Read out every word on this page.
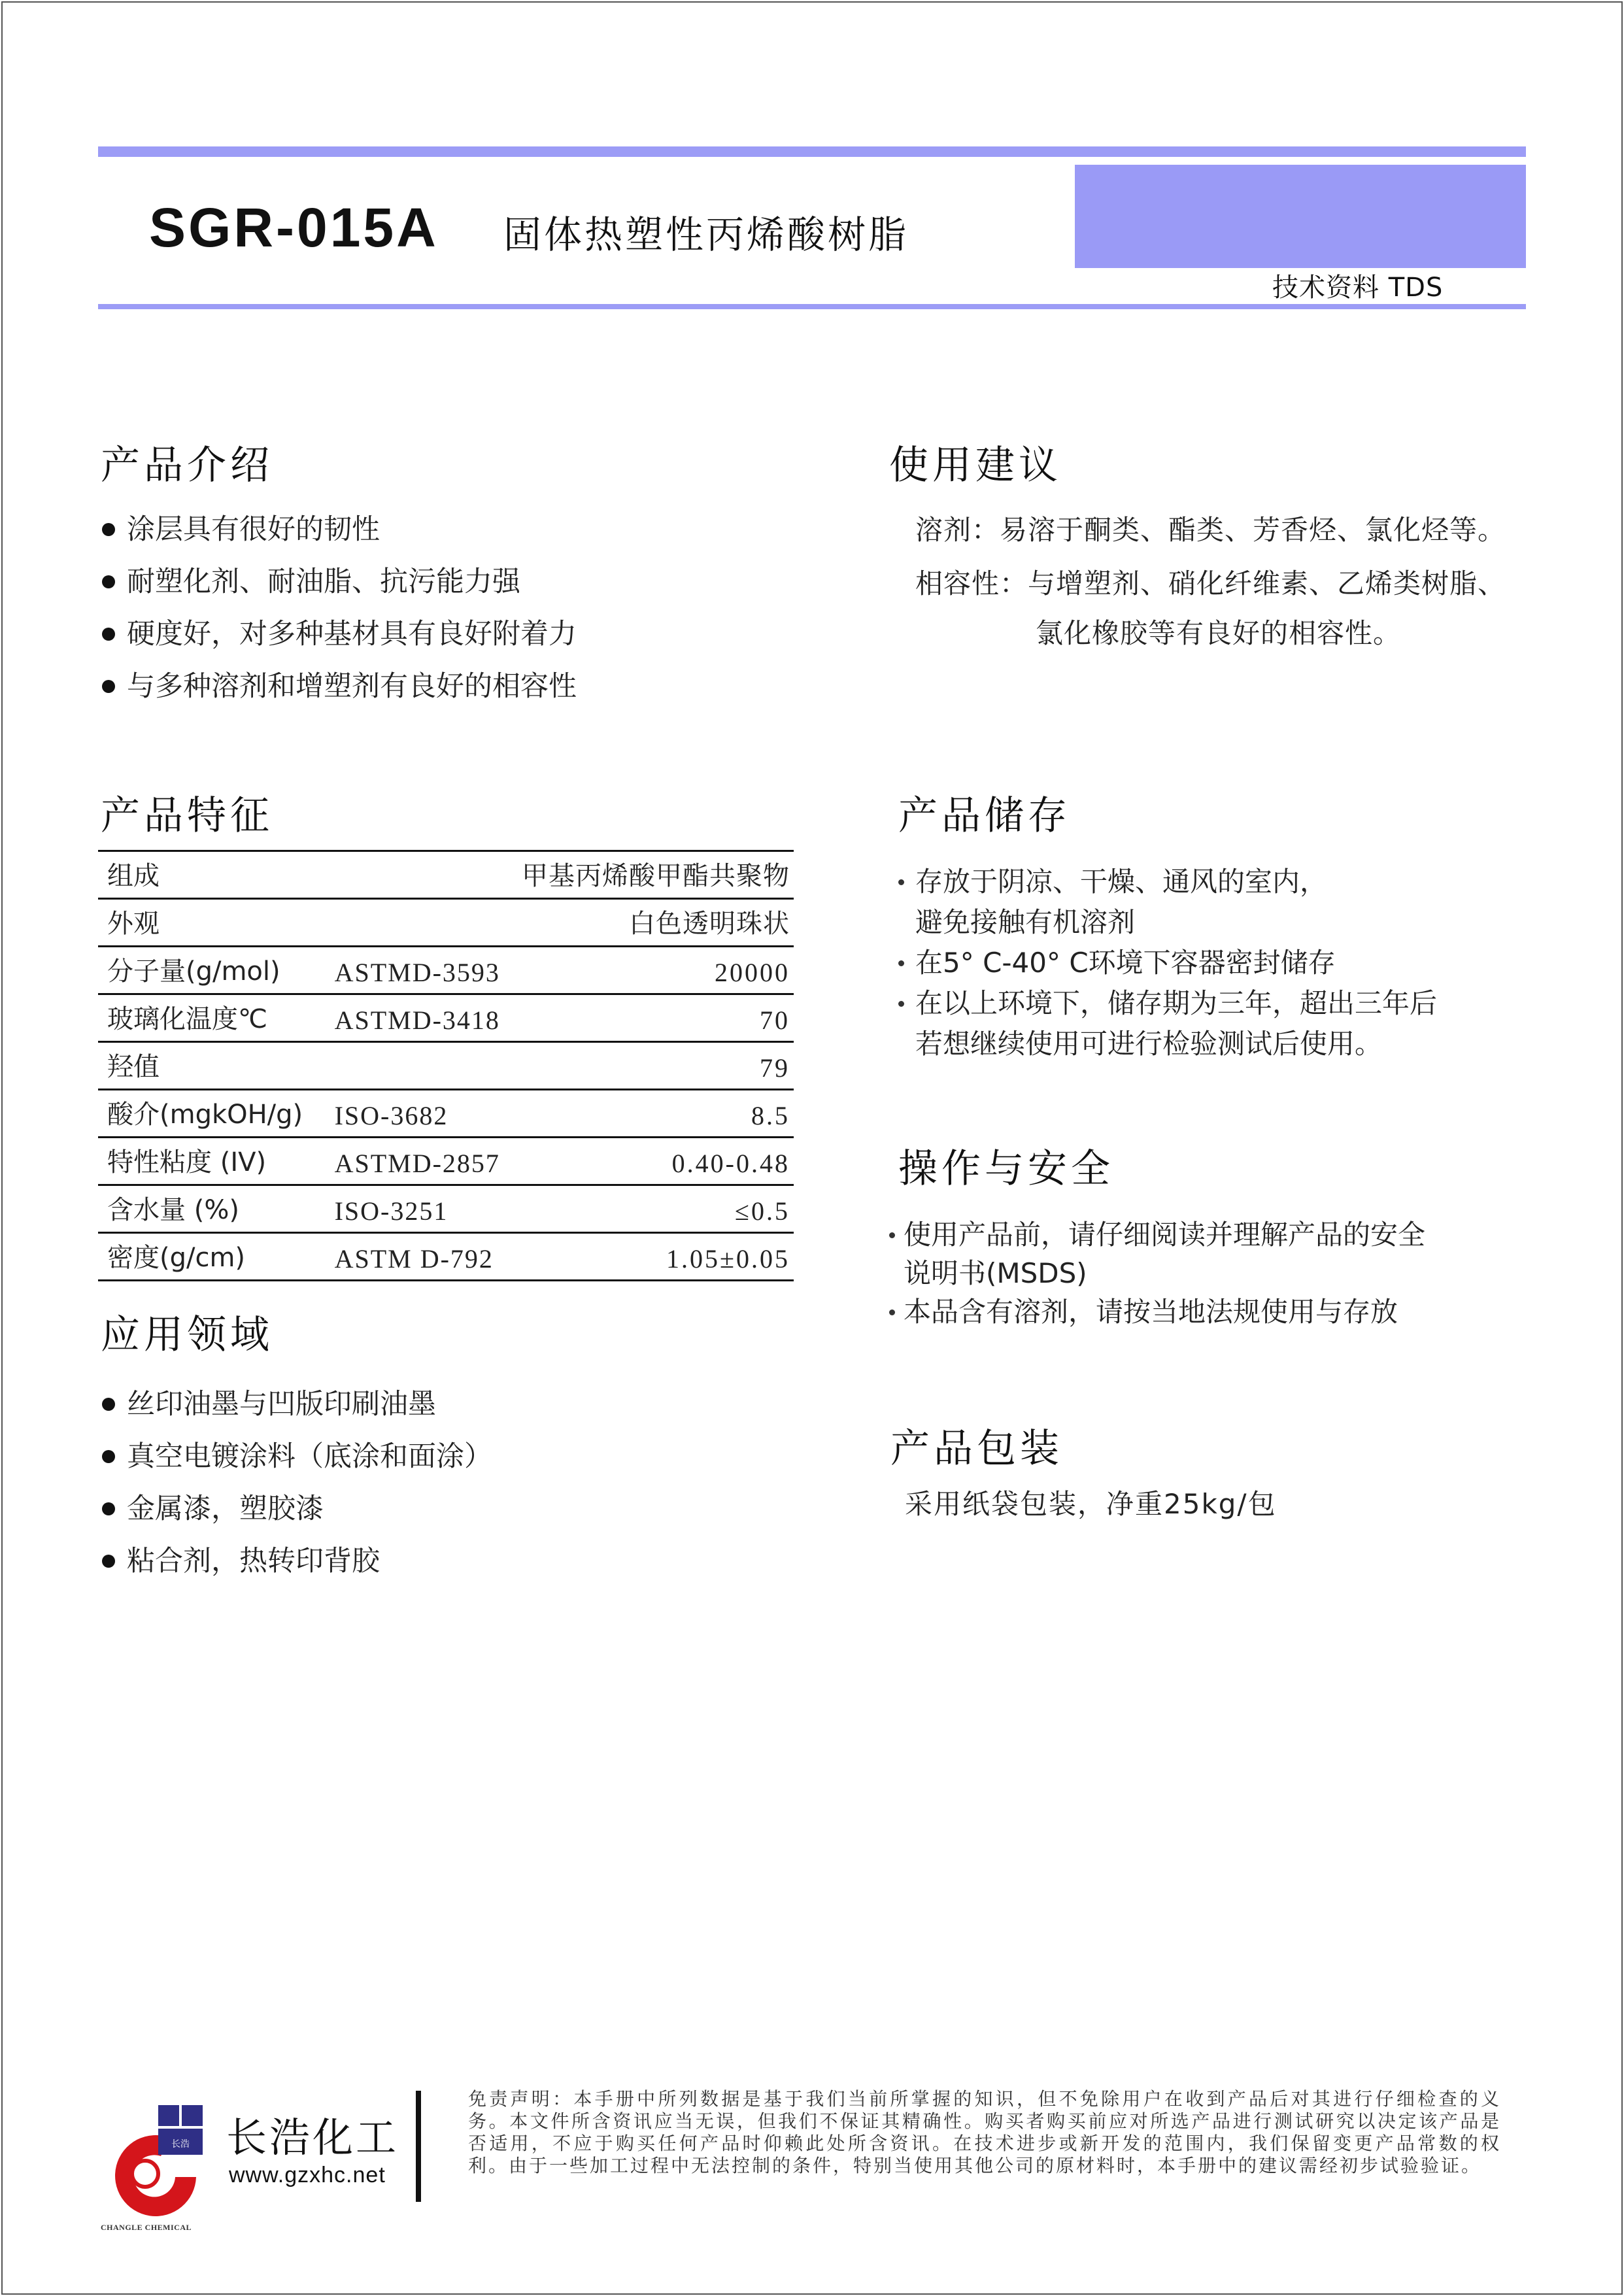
SGR-015A 固体热塑性丙烯酸树脂
技术资料 TDS
产品介绍
涂层具有很好的韧性
耐塑化剂、耐油脂、抗污能力强
硬度好，对多种基材具有良好附着力
与多种溶剂和增塑剂有良好的相容性
使用建议
溶剂：易溶于酮类、酯类、芳香烃、氯化烃等。
相容性：与增塑剂、硝化纤维素、乙烯类树脂、
氯化橡胶等有良好的相容性。
产品特征
组成		甲基丙烯酸甲酯共聚物
外观		白色透明珠状
分子量(g/mol)	ASTMD-3593	20000
玻璃化温度℃	ASTMD-3418	70
羟值		79
酸介(mgkOH/g)	ISO-3682	8.5
特性粘度 (IV)	ASTMD-2857	0.40-0.48
含水量 (%)	ISO-3251	≤0.5
密度(g/cm)	ASTM D-792	1.05±0.05
产品储存
存放于阴凉、干燥、通风的室内，
避免接触有机溶剂
在5° C-40° C环境下容器密封储存
在以上环境下，储存期为三年，超出三年后
若想继续使用可进行检验测试后使用。
操作与安全
使用产品前，请仔细阅读并理解产品的安全
说明书(MSDS)
本品含有溶剂，请按当地法规使用与存放
应用领域
丝印油墨与凹版印刷油墨
真空电镀涂料（底涂和面涂）
金属漆，塑胶漆
粘合剂，热转印背胶
产品包装
采用纸袋包装，净重25kg/包
长浩
CHANGLE CHEMICAL
长浩化工
www.gzxhc.net
免责声明：本手册中所列数据是基于我们当前所掌握的知识，但不免除用户在收到产品后对其进行仔细检查的义务。本文件所含资讯应当无误，但我们不保证其精确性。购买者购买前应对所选产品进行测试研究以决定该产品是否适用，不应于购买任何产品时仰赖此处所含资讯。在技术进步或新开发的范围内，我们保留变更产品常数的权利。由于一些加工过程中无法控制的条件，特别当使用其他公司的原材料时，本手册中的建议需经初步试验验证。
